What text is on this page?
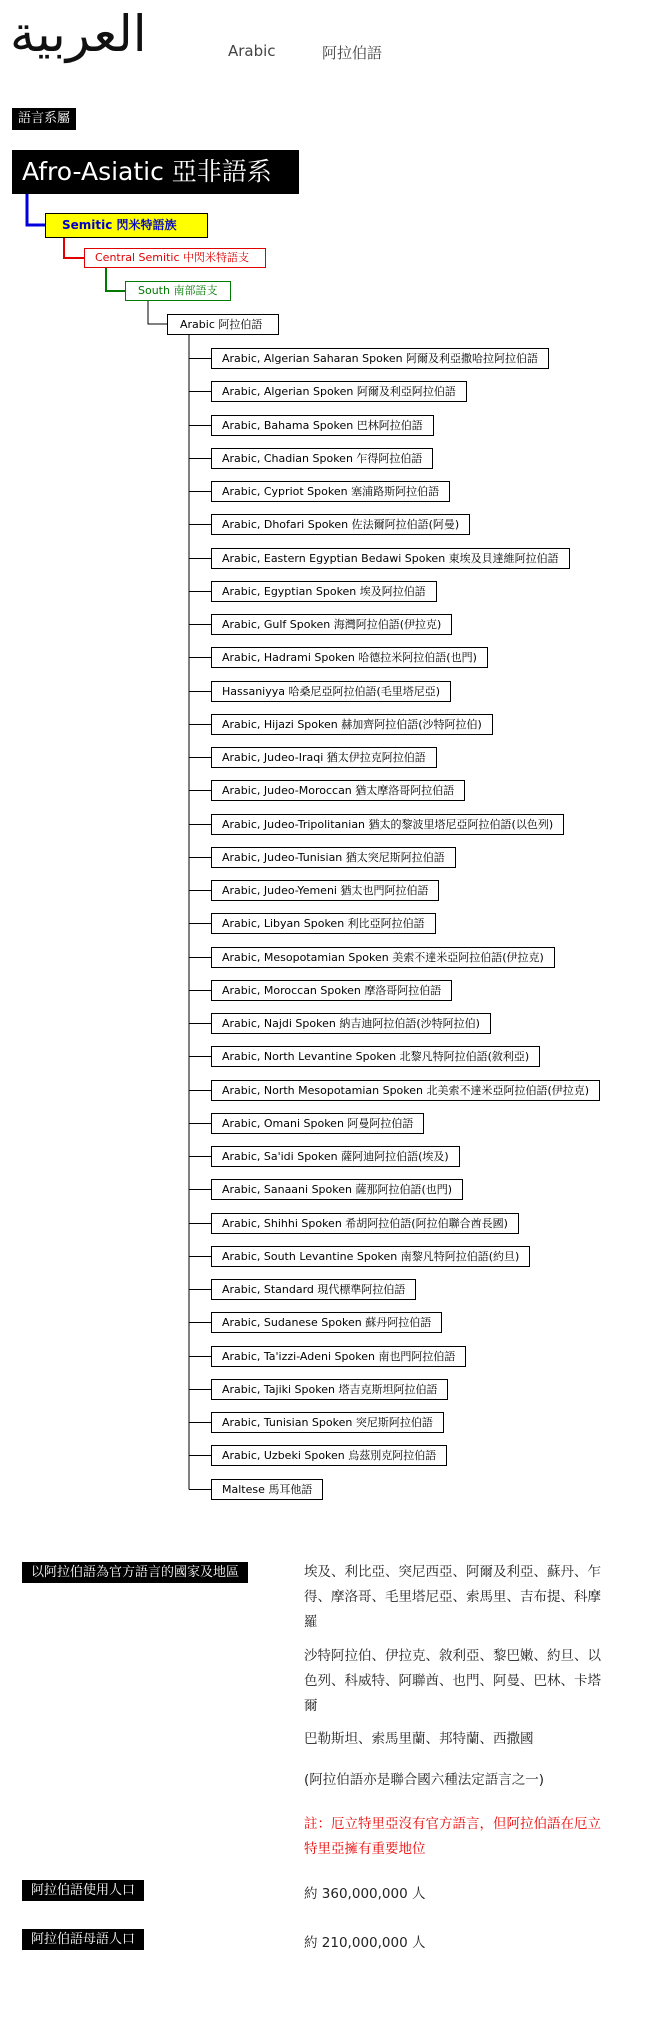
العربية	Arabic	阿拉伯語
語言系屬
Afro-Asiatic 亞非語系
Semitic 閃米特語族
Central Semitic 中閃米特語支
South 南部語支
Arabic 阿拉伯語
Arabic, Algerian Saharan Spoken 阿爾及利亞撒哈拉阿拉伯語
Arabic, Algerian Spoken 阿爾及利亞阿拉伯語
Arabic, Bahama Spoken 巴林阿拉伯語
Arabic, Chadian Spoken 乍得阿拉伯語
Arabic, Cypriot Spoken 塞浦路斯阿拉伯語
Arabic, Dhofari Spoken 佐法爾阿拉伯語(阿曼)
Arabic, Eastern Egyptian Bedawi Spoken 東埃及貝達維阿拉伯語
Arabic, Egyptian Spoken 埃及阿拉伯語
Arabic, Gulf Spoken 海灣阿拉伯語(伊拉克)
Arabic, Hadrami Spoken 哈德拉米阿拉伯語(也門)
Hassaniyya 哈桑尼亞阿拉伯語(毛里塔尼亞)
Arabic, Hijazi Spoken 赫加齊阿拉伯語(沙特阿拉伯)
Arabic, Judeo-Iraqi 猶太伊拉克阿拉伯語
Arabic, Judeo-Moroccan 猶太摩洛哥阿拉伯語
Arabic, Judeo-Tripolitanian 猶太的黎波里塔尼亞阿拉伯語(以色列)
Arabic, Judeo-Tunisian 猶太突尼斯阿拉伯語
Arabic, Judeo-Yemeni 猶太也門阿拉伯語
Arabic, Libyan Spoken 利比亞阿拉伯語
Arabic, Mesopotamian Spoken 美索不達米亞阿拉伯語(伊拉克)
Arabic, Moroccan Spoken 摩洛哥阿拉伯語
Arabic, Najdi Spoken 納吉迪阿拉伯語(沙特阿拉伯)
Arabic, North Levantine Spoken 北黎凡特阿拉伯語(敘利亞)
Arabic, North Mesopotamian Spoken 北美索不達米亞阿拉伯語(伊拉克)
Arabic, Omani Spoken 阿曼阿拉伯語
Arabic, Sa'idi Spoken 薩阿迪阿拉伯語(埃及)
Arabic, Sanaani Spoken 薩那阿拉伯語(也門)
Arabic, Shihhi Spoken 希胡阿拉伯語(阿拉伯聯合酋長國)
Arabic, South Levantine Spoken 南黎凡特阿拉伯語(約旦)
Arabic, Standard 現代標準阿拉伯語
Arabic, Sudanese Spoken 蘇丹阿拉伯語
Arabic, Ta'izzi-Adeni Spoken 南也門阿拉伯語
Arabic, Tajiki Spoken 塔吉克斯坦阿拉伯語
Arabic, Tunisian Spoken 突尼斯阿拉伯語
Arabic, Uzbeki Spoken 烏茲別克阿拉伯語
Maltese 馬耳他語
以阿拉伯語為官方語言的國家及地區	埃及、利比亞、突尼西亞、阿爾及利亞、蘇丹、乍得、摩洛哥、毛里塔尼亞、索馬里、吉布提、科摩羅
沙特阿拉伯、伊拉克、敘利亞、黎巴嫩、約旦、以色列、科威特、阿聯酋、也門、阿曼、巴林、卡塔爾
巴勒斯坦、索馬里蘭、邦特蘭、西撒國
(阿拉伯語亦是聯合國六種法定語言之一)
註：厄立特里亞沒有官方語言，但阿拉伯語在厄立特里亞擁有重要地位
阿拉伯語使用人口	約 360,000,000 人
阿拉伯語母語人口	約 210,000,000 人
